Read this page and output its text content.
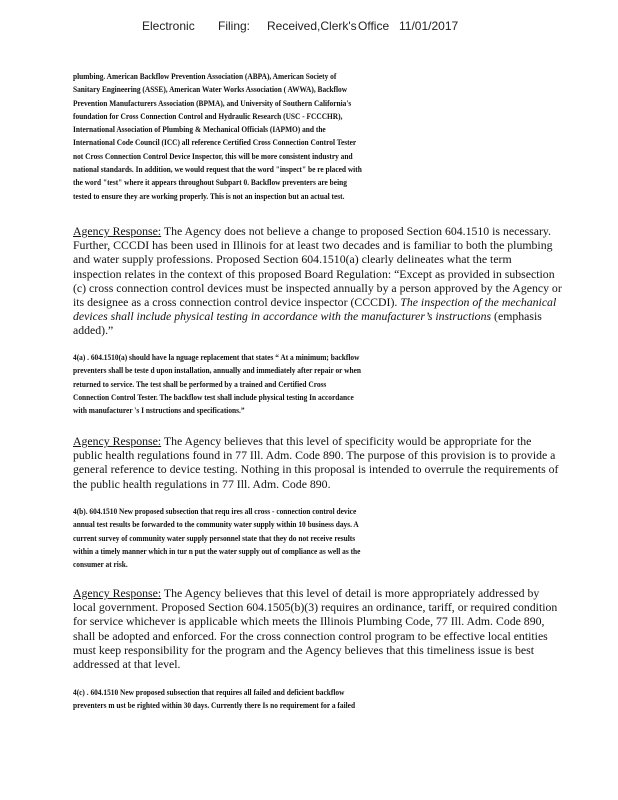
Electronic Filing: Received,Clerk's Office 11/01/2017
plumbing. American Backflow Prevention Association (ABPA), American Society of
Sanitary Engineering (ASSE), American Water Works Association ( AWWA), Backflow
Prevention Manufacturers Association (BPMA), and University of Southern California's
foundation for Cross Connection Control and Hydraulic Research (USC - FCCCHR),
International Association of Plumbing & Mechanical Officials (IAPMO) and the
International Code Council (ICC) all reference Certified Cross Connection Control Tester
not Cross Connection Control Device Inspector, this will be more consistent industry and
national standards. In addition, we would request that the word "inspect" be re placed with
the word "test" where it appears throughout Subpart 0. Backflow preventers are being
tested to ensure they are working properly. This is not an inspection but an actual test.
Agency Response: The Agency does not believe a change to proposed Section 604.1510 is necessary. Further, CCCDI has been used in Illinois for at least two decades and is familiar to both the plumbing and water supply professions. Proposed Section 604.1510(a) clearly delineates what the term inspection relates in the context of this proposed Board Regulation: “Except as provided in subsection (c) cross connection control devices must be inspected annually by a person approved by the Agency or its designee as a cross connection control device inspector (CCCDI). The inspection of the mechanical devices shall include physical testing in accordance with the manufacturer’s instructions (emphasis added).”
4(a) . 604.1510(a) should have la nguage replacement that states “ At a minimum; backflow
preventers shall be teste d upon installation, annually and immediately after repair or when
returned to service. The test shall be performed by a trained and Certified Cross
Connection Control Tester. The backflow test shall include physical testing In accordance
with manufacturer 's I nstructions and specifications.”
Agency Response: The Agency believes that this level of specificity would be appropriate for the public health regulations found in 77 Ill. Adm. Code 890. The purpose of this provision is to provide a general reference to device testing. Nothing in this proposal is intended to overrule the requirements of the public health regulations in 77 Ill. Adm. Code 890.
4(b). 604.1510 New proposed subsection that requ ires all cross - connection control device
annual test results be forwarded to the community water supply within 10 business days. A
current survey of community water supply personnel state that they do not receive results
within a timely manner which in tur n put the water supply out of compliance as well as the
consumer at risk.
Agency Response: The Agency believes that this level of detail is more appropriately addressed by local government. Proposed Section 604.1505(b)(3) requires an ordinance, tariff, or required condition for service whichever is applicable which meets the Illinois Plumbing Code, 77 Ill. Adm. Code 890, shall be adopted and enforced. For the cross connection control program to be effective local entities must keep responsibility for the program and the Agency believes that this timeliness issue is best addressed at that level.
4(c) . 604.1510 New proposed subsection that requires all failed and deficient backflow
preventers m ust be righted within 30 days. Currently there Is no requirement for a failed
